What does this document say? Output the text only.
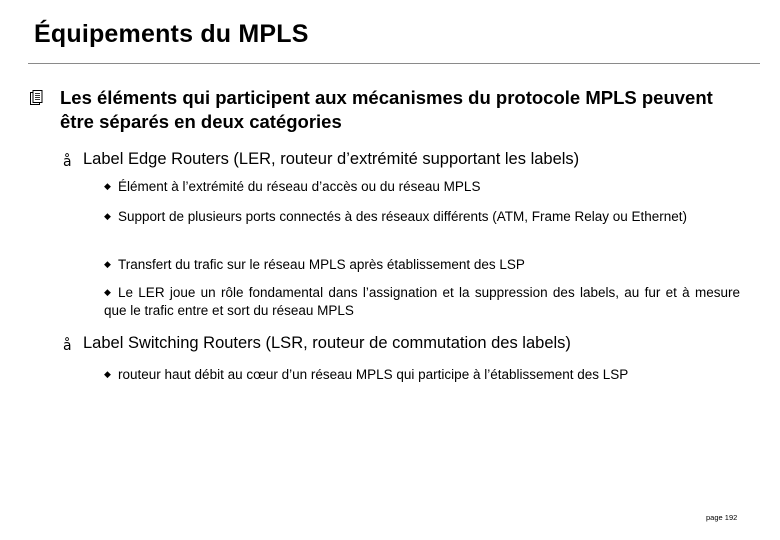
Équipements du MPLS
Les éléments qui participent aux mécanismes du protocole MPLS peuvent être séparés en deux catégories
å Label Edge Routers (LER, routeur d’extrémité supportant les labels)
◆ Élément à l’extrémité du réseau d’accès ou du réseau MPLS
◆ Support de plusieurs ports connectés à des réseaux différents (ATM, Frame Relay ou Ethernet)
◆ Transfert du trafic sur le réseau MPLS après établissement des LSP
◆ Le LER joue un rôle fondamental dans l’assignation et la suppression des labels, au fur et à mesure que le trafic entre et sort du réseau MPLS
å Label Switching Routers (LSR, routeur de commutation des labels)
◆ routeur haut débit au cœur d’un réseau MPLS qui participe à l’établissement des LSP
page 192
